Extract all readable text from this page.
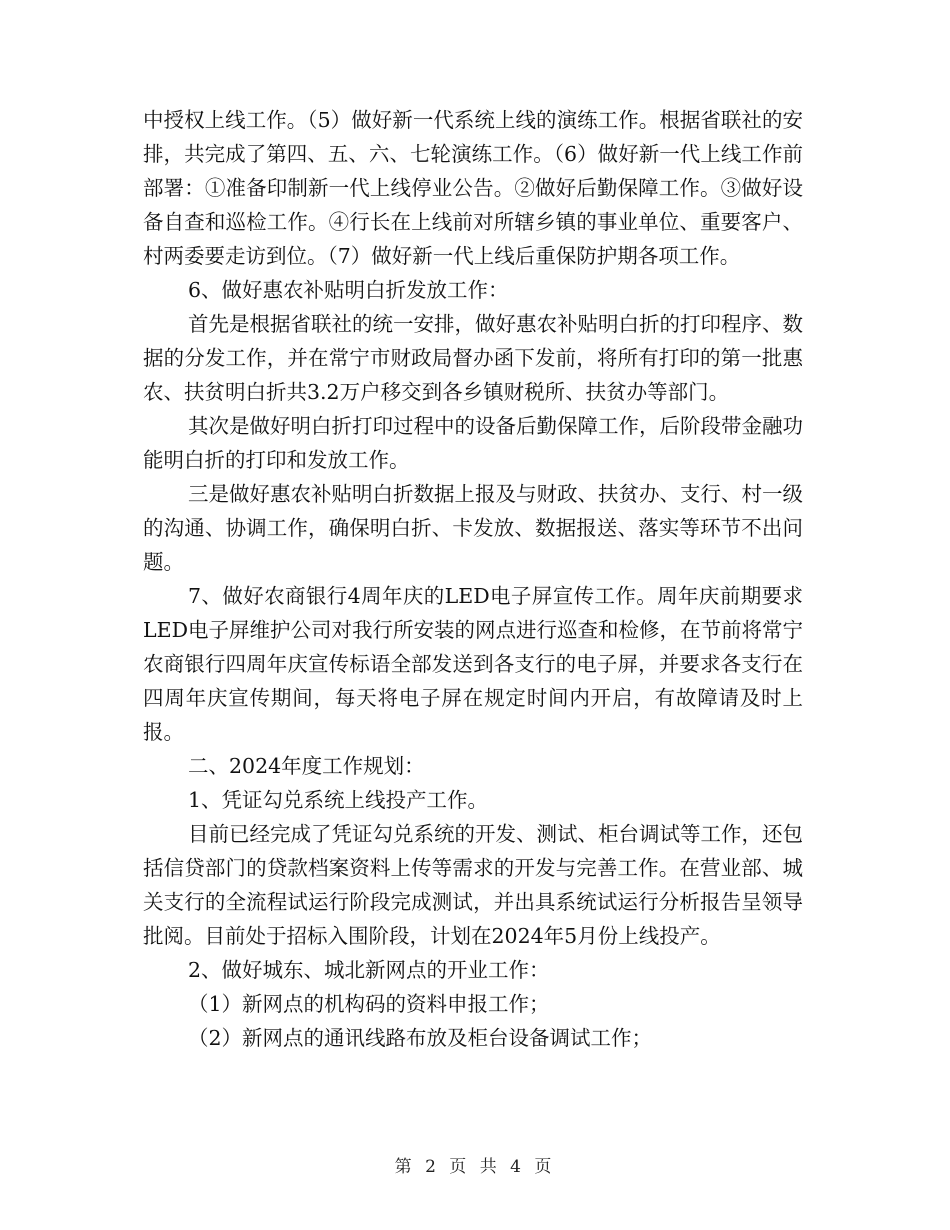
中授权上线工作。（5）做好新一代系统上线的演练工作。根据省联社的安排，共完成了第四、五、六、七轮演练工作。（6）做好新一代上线工作前部署：①准备印制新一代上线停业公告。②做好后勤保障工作。③做好设备自查和巡检工作。④行长在上线前对所辖乡镇的事业单位、重要客户、村两委要走访到位。（7）做好新一代上线后重保防护期各项工作。

6、做好惠农补贴明白折发放工作：

首先是根据省联社的统一安排，做好惠农补贴明白折的打印程序、数据的分发工作，并在常宁市财政局督办函下发前，将所有打印的第一批惠农、扶贫明白折共3.2万户移交到各乡镇财税所、扶贫办等部门。

其次是做好明白折打印过程中的设备后勤保障工作，后阶段带金融功能明白折的打印和发放工作。

三是做好惠农补贴明白折数据上报及与财政、扶贫办、支行、村一级的沟通、协调工作，确保明白折、卡发放、数据报送、落实等环节不出问题。

7、做好农商银行4周年庆的LED电子屏宣传工作。周年庆前期要求LED电子屏维护公司对我行所安装的网点进行巡查和检修，在节前将常宁农商银行四周年庆宣传标语全部发送到各支行的电子屏，并要求各支行在四周年庆宣传期间，每天将电子屏在规定时间内开启，有故障请及时上报。

二、2024年度工作规划：

1、凭证勾兑系统上线投产工作。

目前已经完成了凭证勾兑系统的开发、测试、柜台调试等工作，还包括信贷部门的贷款档案资料上传等需求的开发与完善工作。在营业部、城关支行的全流程试运行阶段完成测试，并出具系统试运行分析报告呈领导批阅。目前处于招标入围阶段，计划在2024年5月份上线投产。

2、做好城东、城北新网点的开业工作：

（1）新网点的机构码的资料申报工作；

（2）新网点的通讯线路布放及柜台设备调试工作；

第 2 页 共 4 页
